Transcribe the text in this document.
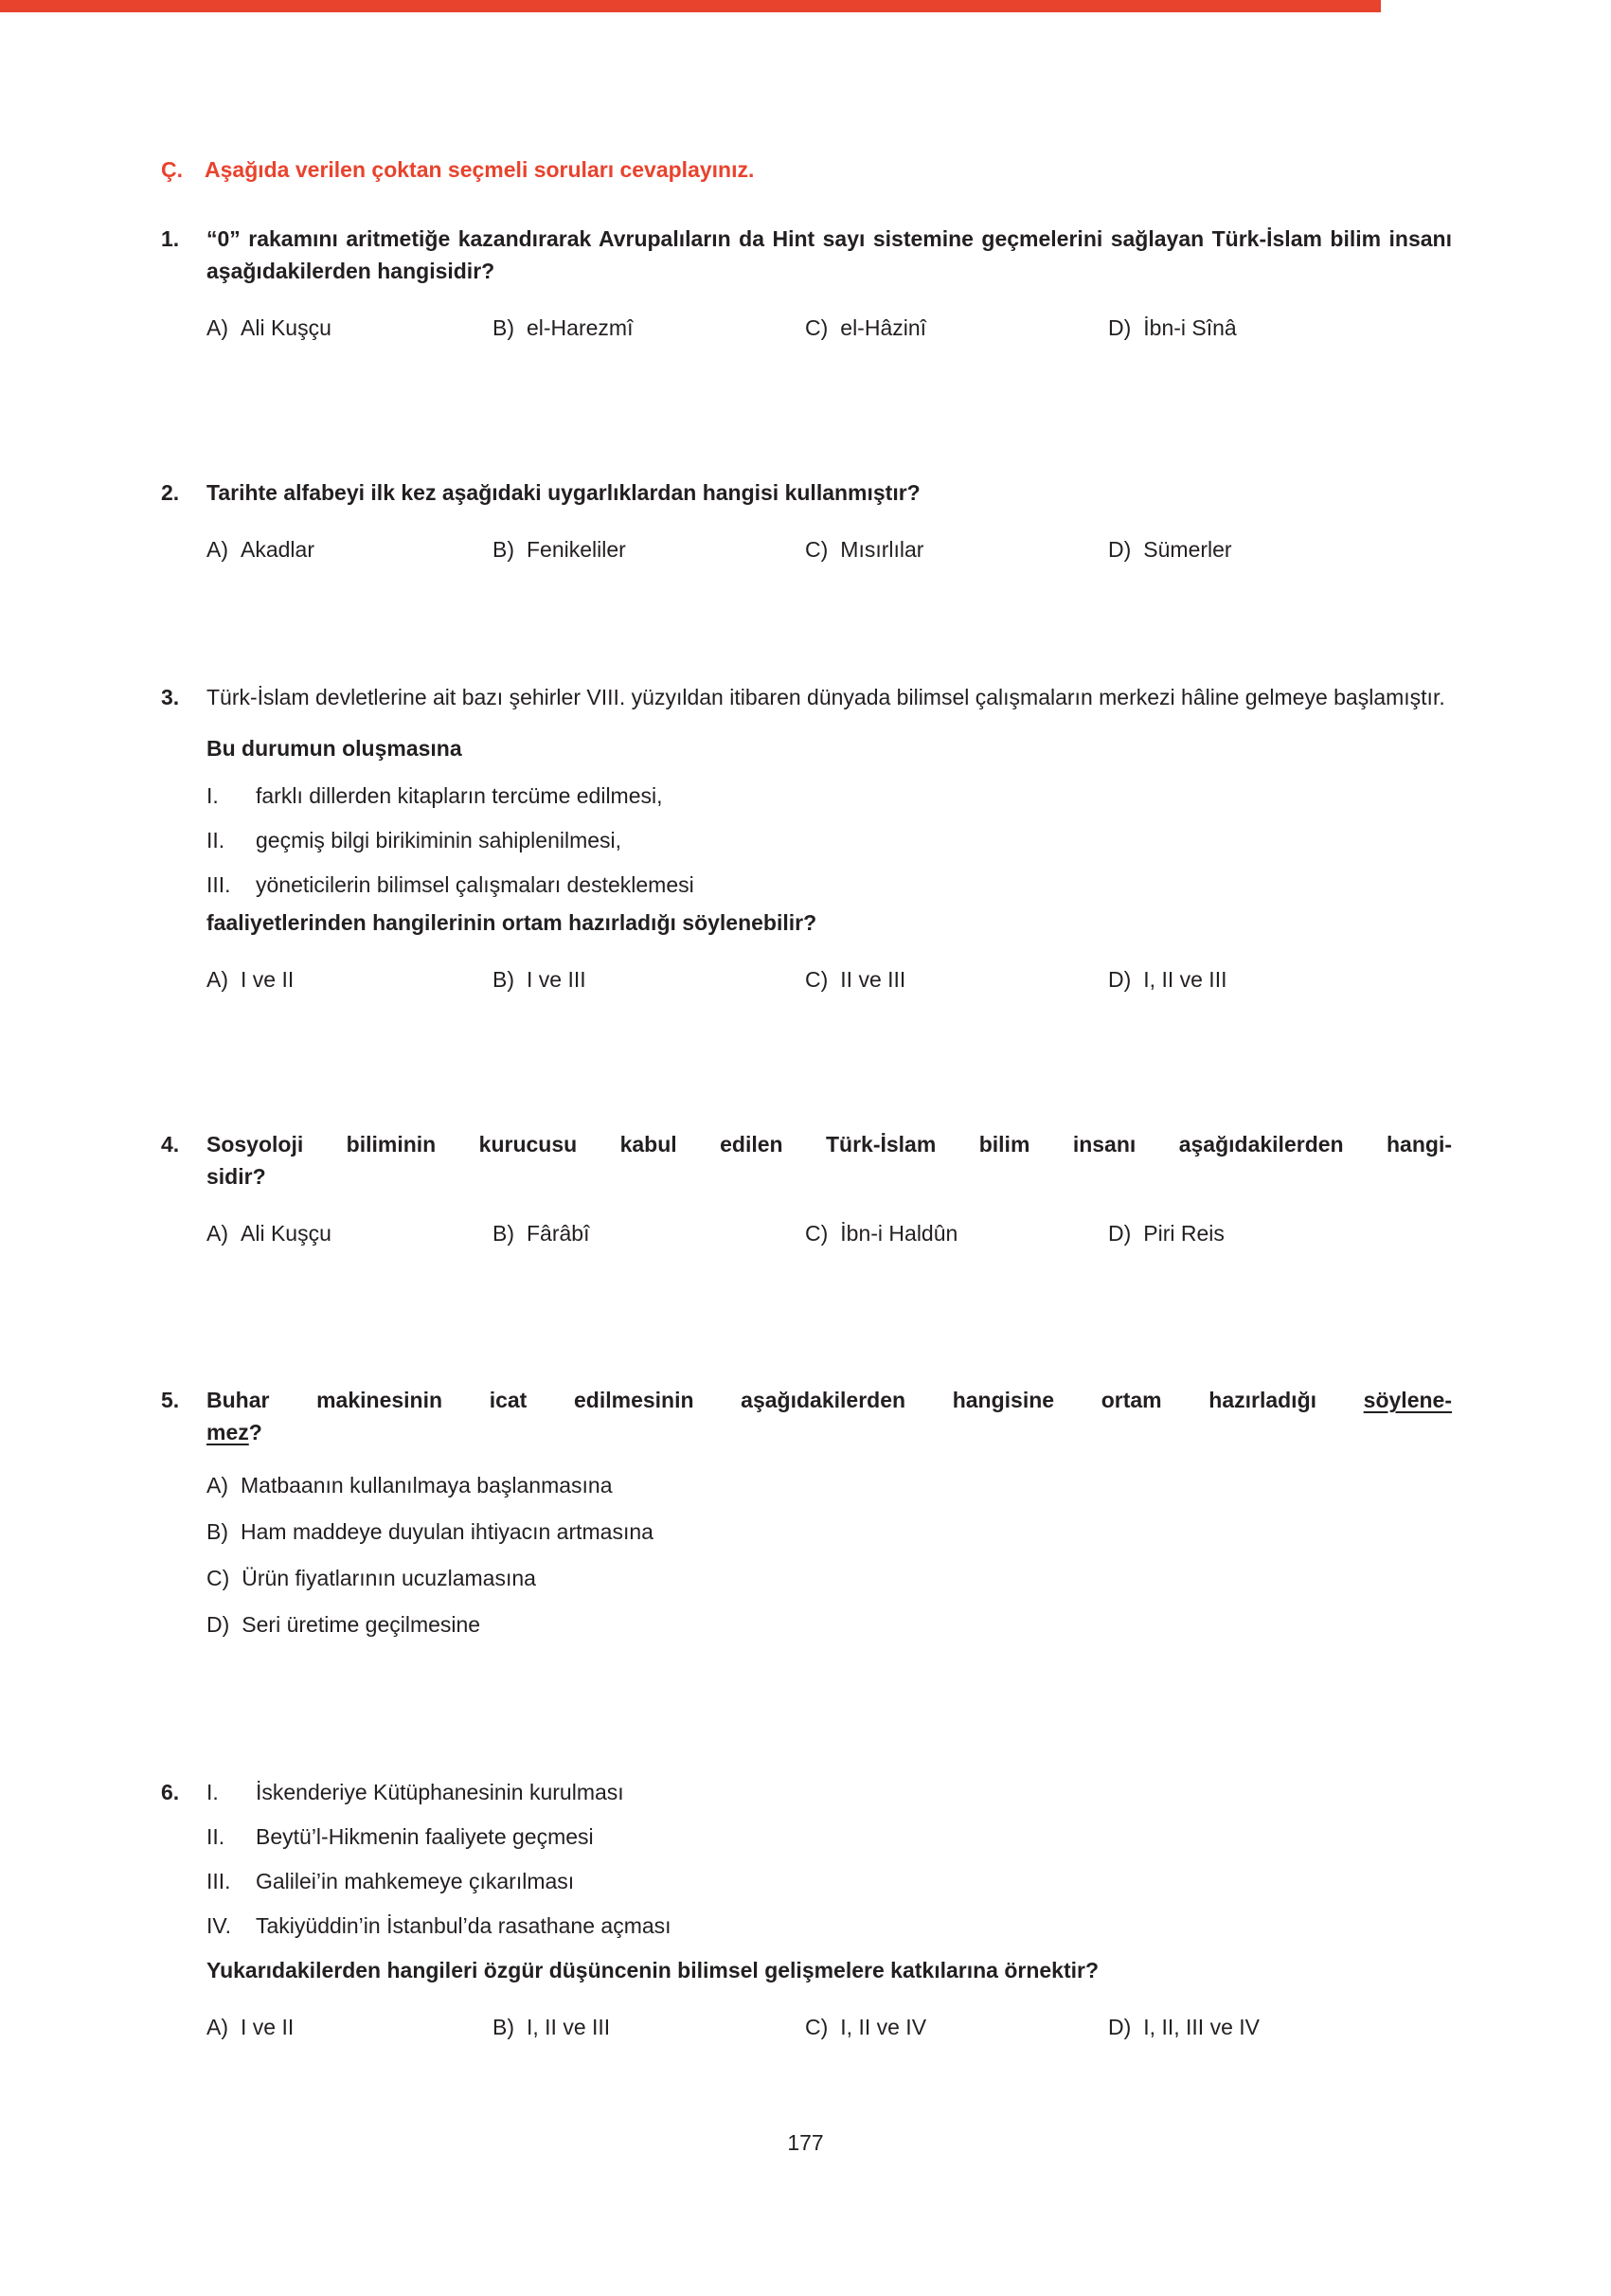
Ç.	Aşağıda verilen çoktan seçmeli soruları cevaplayınız.
1.	“0” rakamını aritmetiğe kazandırarak Avrupalıların da Hint sayı sistemine geçmelerini sağlayan Türk-İslam bilim insanı aşağıdakilerden hangisidir?

A) Ali Kuşçu	B) el-Harezmî	C) el-Hâzinî	D) İbn-i Sînâ
2.	Tarihte alfabeyi ilk kez aşağıdaki uygarlıklardan hangisi kullanmıştır?

A) Akadlar	B) Fenikeliler	C) Mısırlılar	D) Sümerler
3.	Türk-İslam devletlerine ait bazı şehirler VIII. yüzyıldan itibaren dünyada bilimsel çalışmaların merkezi hâline gelmeye başlamıştır.

Bu durumun oluşmasına

I.	farklı dillerden kitapların tercüme edilmesi,
II.	geçmiş bilgi birikiminin sahiplenilmesi,
III.	yöneticilerin bilimsel çalışmaları desteklemesi

faaliyetlerinden hangilerinin ortam hazırladığı söylenebilir?

A) I ve II	B) I ve III	C) II ve III	D) I, II ve III
4.	Sosyoloji biliminin kurucusu kabul edilen Türk-İslam bilim insanı aşağıdakilerden hangi-
sidir?

A) Ali Kuşçu	B) Fârâbî	C) İbn-i Haldûn	D) Piri Reis
5.	Buhar makinesinin icat edilmesinin aşağıdakilerden hangisine ortam hazırladığı söylene-
mez?

A) Matbaanın kullanılmaya başlanmasına
B) Ham maddeye duyulan ihtiyacın artmasına
C) Ürün fiyatlarının ucuzlamasına
D) Seri üretime geçilmesine
6.	I.	İskenderiye Kütüphanesinin kurulması
II.	Beytü’l-Hikmenin faaliyete geçmesi
III.	Galilei’in mahkemeye çıkarılması
IV.	Takiyüddin’in İstanbul’da rasathane açması

Yukarıdakilerden hangileri özgür düşüncenin bilimsel gelişmelere katkılarına örnektir?

A) I ve II	B) I, II ve III	C) I, II ve IV	D) I, II, III ve IV
177
